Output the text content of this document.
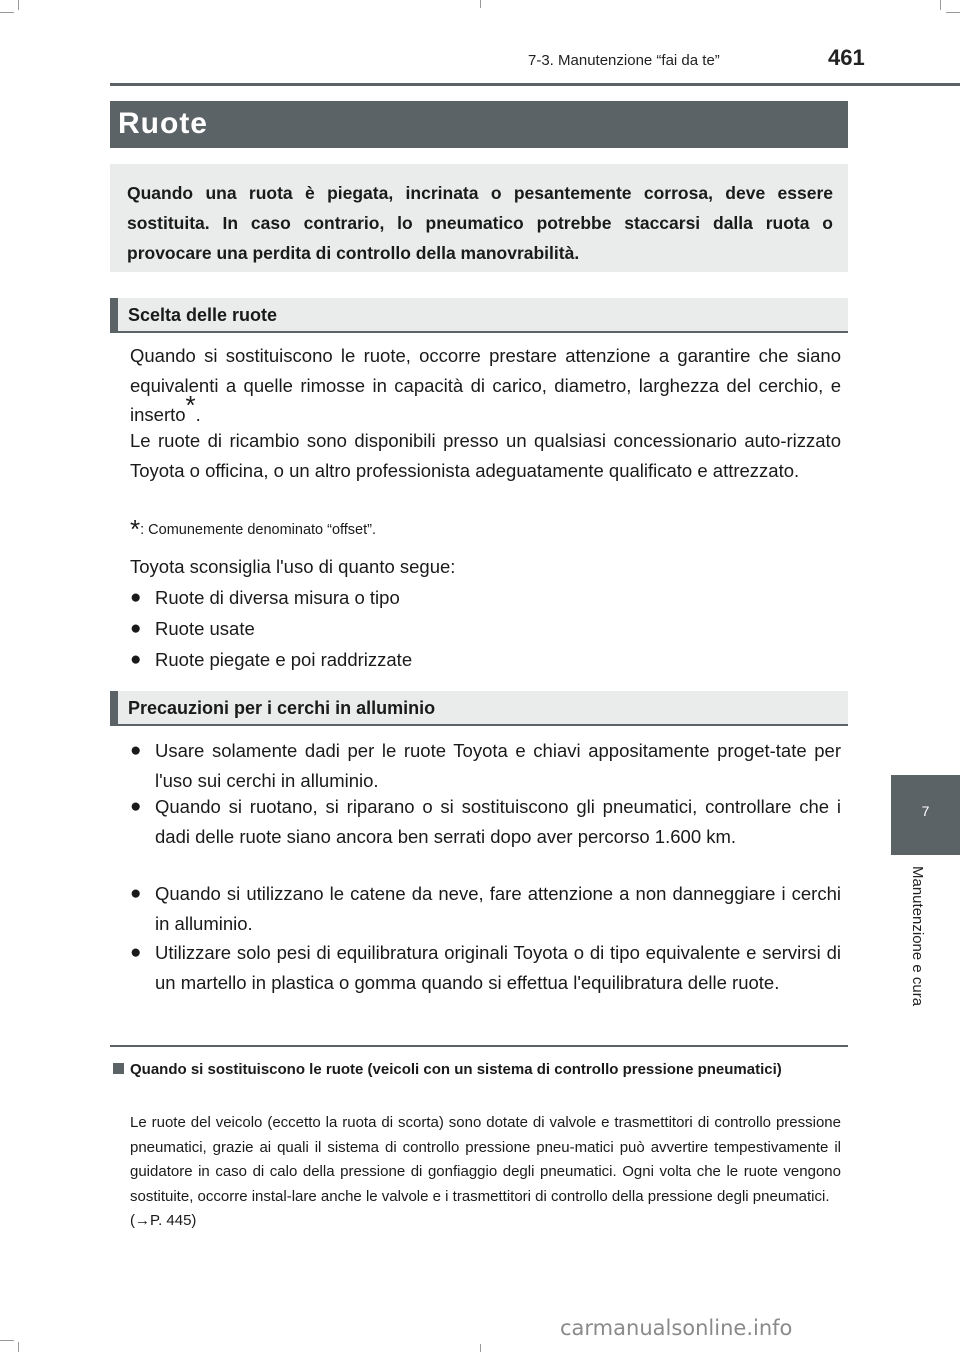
7-3. Manutenzione “fai da te”	461
Ruote

Quando una ruota è piegata, incrinata o pesantemente corrosa, deve essere sostituita. In caso contrario, lo pneumatico potrebbe staccarsi dalla ruota o provocare una perdita di controllo della manovrabilità.

Scelta delle ruote
Quando si sostituiscono le ruote, occorre prestare attenzione a garantire che siano equivalenti a quelle rimosse in capacità di carico, diametro, larghezza del cerchio, e inserto*.
Le ruote di ricambio sono disponibili presso un qualsiasi concessionario auto-rizzato Toyota o officina, o un altro professionista adeguatamente qualificato e attrezzato.
*: Comunemente denominato “offset”.
Toyota sconsiglia l'uso di quanto segue:
● Ruote di diversa misura o tipo
● Ruote usate
● Ruote piegate e poi raddrizzate
Precauzioni per i cerchi in alluminio
● Usare solamente dadi per le ruote Toyota e chiavi appositamente proget-tate per l'uso sui cerchi in alluminio.
● Quando si ruotano, si riparano o si sostituiscono gli pneumatici, controllare che i dadi delle ruote siano ancora ben serrati dopo aver percorso 1.600 km.
● Quando si utilizzano le catene da neve, fare attenzione a non danneggiare i cerchi in alluminio.
● Utilizzare solo pesi di equilibratura originali Toyota o di tipo equivalente e servirsi di un martello in plastica o gomma quando si effettua l'equilibratura delle ruote.
7
Manutenzione e cura
Quando si sostituiscono le ruote (veicoli con un sistema di controllo pressione pneumatici)
Le ruote del veicolo (eccetto la ruota di scorta) sono dotate di valvole e trasmettitori di controllo pressione pneumatici, grazie ai quali il sistema di controllo pressione pneu-matici può avvertire tempestivamente il guidatore in caso di calo della pressione di gonfiaggio degli pneumatici. Ogni volta che le ruote vengono sostituite, occorre instal-lare anche le valvole e i trasmettitori di controllo della pressione degli pneumatici.
(→P. 445)
carmanualsonline.info
